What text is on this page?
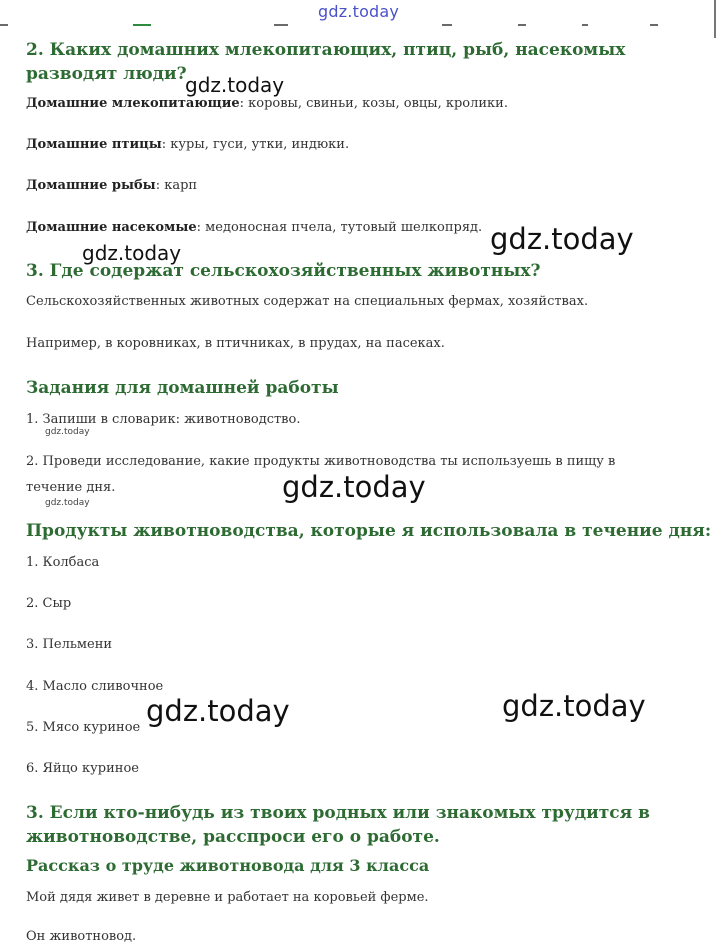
gdz.today
2. Каких домашних млекопитающих, птиц, рыб, насекомых разводят люди?

Домашние млекопитающие: коровы, свиньи, козы, овцы, кролики.

Домашние птицы: куры, гуси, утки, индюки.

Домашние рыбы: карп

Домашние насекомые: медоносная пчела, тутовый шелкопряд.

3. Где содержат сельскохозяйственных животных?

Сельскохозяйственных животных содержат на специальных фермах, хозяйствах.

Например, в коровниках, в птичниках, в прудах, на пасеках.

Задания для домашней работы

1. Запиши в словарик: животноводство.

2. Проведи исследование, какие продукты животноводства ты используешь в пищу в течение дня.

Продукты животноводства, которые я использовала в течение дня:

1. Колбаса

2. Сыр

3. Пельмени

4. Масло сливочное

5. Мясо куриное

6. Яйцо куриное

3. Если кто-нибудь из твоих родных или знакомых трудится в животноводстве, расспроси его о работе.
Рассказ о труде животновода для 3 класса

Мой дядя живет в деревне и работает на коровьей ферме.

Он животновод.

gdz.today
gdz.today	gdz.today
gdz.today
gdz.today
gdz.today
gdz.today	gdz.today
